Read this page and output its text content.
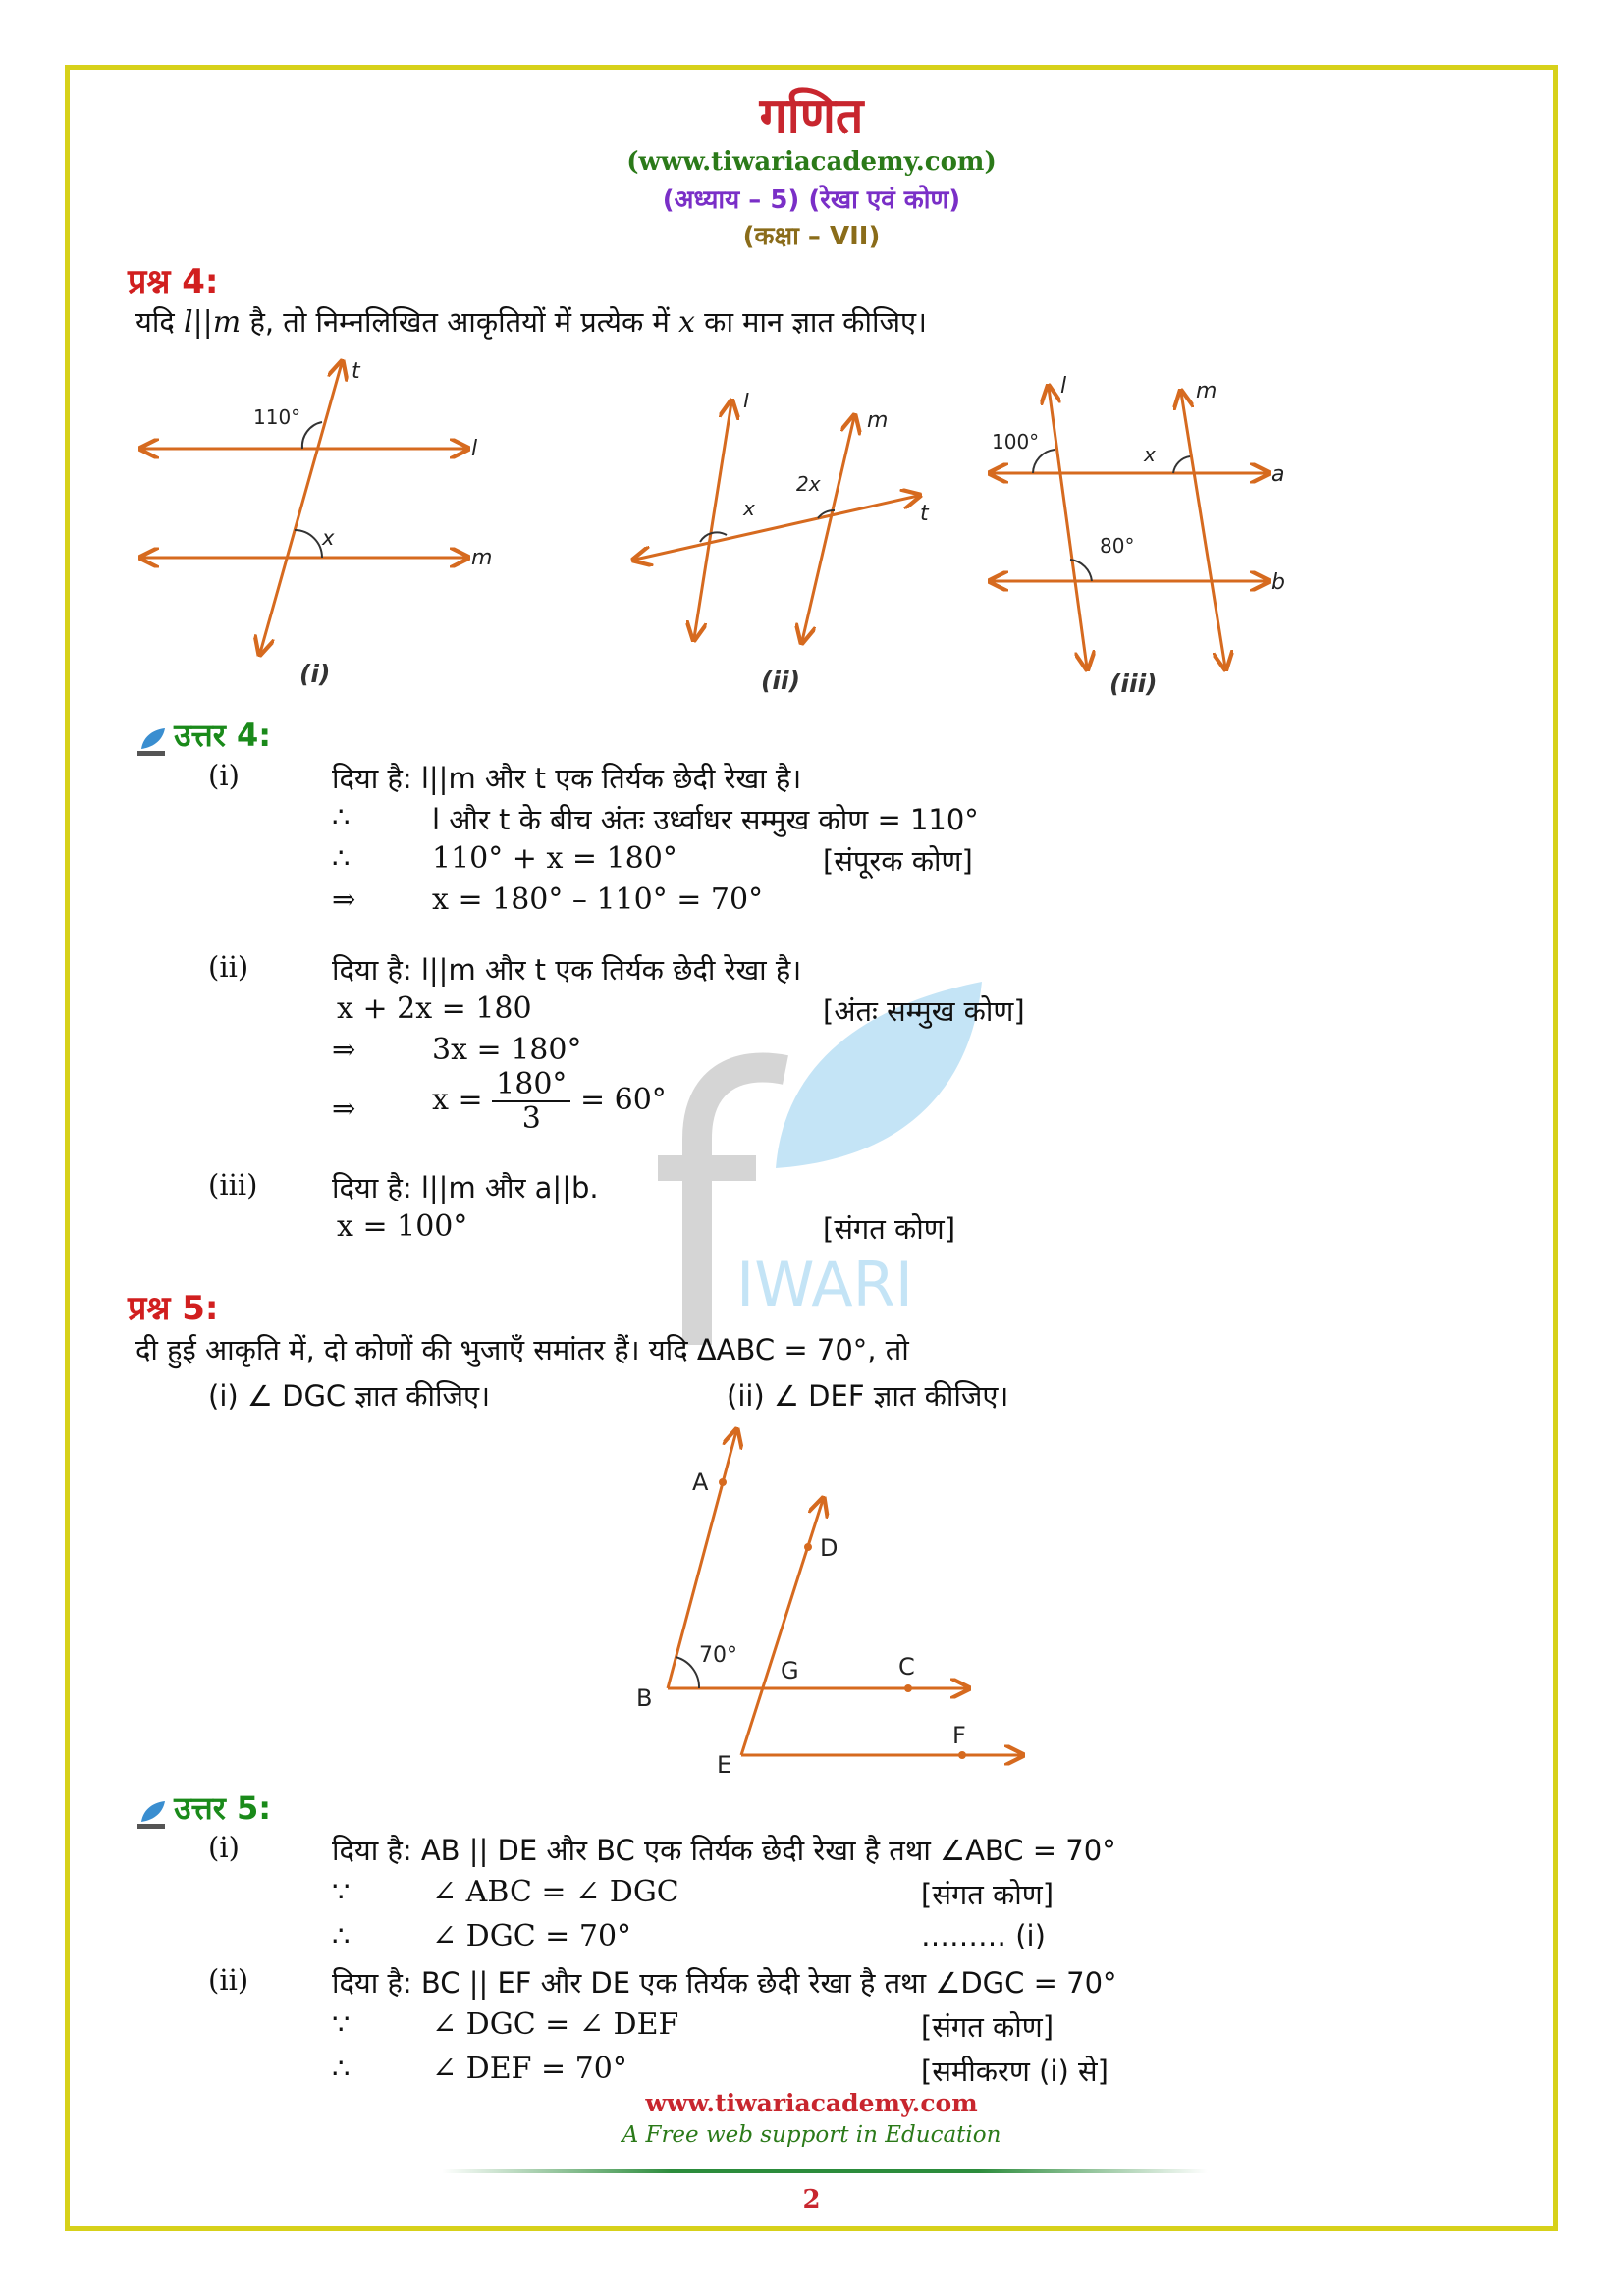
गणित
(www.tiwariacademy.com)
(अध्याय – 5) (रेखा एवं कोण)
(कक्षा – VII)
IWARI
प्रश्न 4:
यदि l||m है, तो निम्नलिखित आकृतियों में प्रत्येक में x का मान ज्ञात कीजिए।
110°
x
t
l
m
(i)
l
m
x
2x
t
(ii)
l	m
100°
x
a
80°
b
(iii)
उत्तर 4:
(i)	दिया है: l||m और t एक तिर्यक छेदी रेखा है।
∴	l और t के बीच अंतः उर्ध्वाधर सम्मुख कोण = 110°
∴	110° + x = 180°	[संपूरक कोण]
⇒	x = 180° – 110° = 70°
(ii)	दिया है: l||m और t एक तिर्यक छेदी रेखा है।
x + 2x = 180	[अंतः सम्मुख कोण]
⇒	3x = 180°
⇒	$x = \frac{180^\circ}{3} = 60^\circ$
(iii)	दिया है: l||m और a||b.
x = 100°	[संगत कोण]
प्रश्न 5:
दी हुई आकृति में, दो कोणों की भुजाएँ समांतर हैं। यदि ΔABC = 70°, तो
(i) ∠ DGC ज्ञात कीजिए।	(ii) ∠ DEF ज्ञात कीजिए।
A
D
70°
G	C
B
E
F
उत्तर 5:
(i)	दिया है: AB || DE और BC एक तिर्यक छेदी रेखा है तथा ∠ABC = 70°
∵	∠ ABC = ∠ DGC	[संगत कोण]
∴	∠ DGC = 70°	……… (i)
(ii)	दिया है: BC || EF और DE एक तिर्यक छेदी रेखा है तथा ∠DGC = 70°
∵	∠ DGC = ∠ DEF	[संगत कोण]
∴	∠ DEF = 70°	[समीकरण (i) से]
www.tiwariacademy.com
A Free web support in Education
2
